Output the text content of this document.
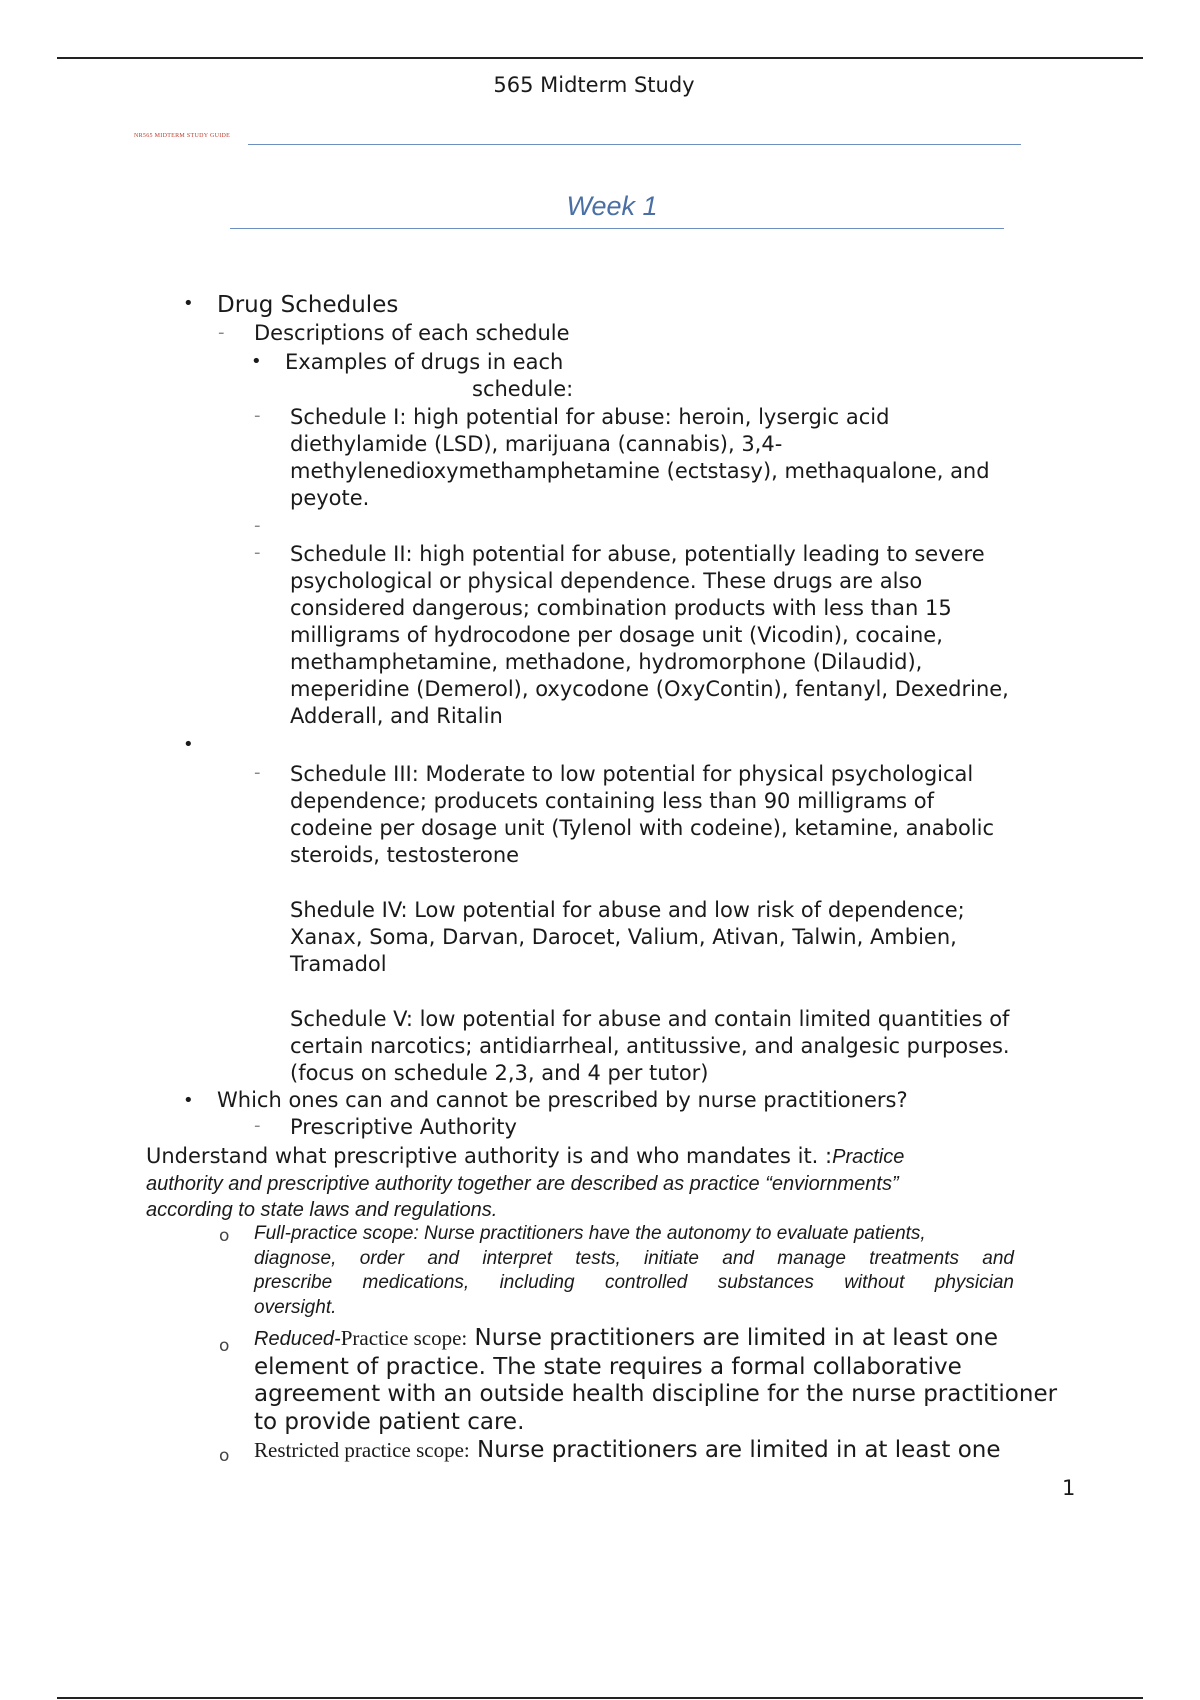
565 Midterm Study
NR565 MIDTERM STUDY GUIDE
Week 1
• Drug Schedules
- Descriptions of each schedule
• Examples of drugs in each
schedule:
- Schedule I: high potential for abuse: heroin, lysergic acid
diethylamide (LSD), marijuana (cannabis), 3,4-
methylenedioxymethamphetamine (ectstasy), methaqualone, and
peyote.
-
- Schedule II: high potential for abuse, potentially leading to severe
psychological or physical dependence. These drugs are also
considered dangerous; combination products with less than 15
milligrams of hydrocodone per dosage unit (Vicodin), cocaine,
methamphetamine, methadone, hydromorphone (Dilaudid),
meperidine (Demerol), oxycodone (OxyContin), fentanyl, Dexedrine,
Adderall, and Ritalin
•
- Schedule III: Moderate to low potential for physical psychological
dependence; producets containing less than 90 milligrams of
codeine per dosage unit (Tylenol with codeine), ketamine, anabolic
steroids, testosterone
Shedule IV: Low potential for abuse and low risk of dependence;
Xanax, Soma, Darvan, Darocet, Valium, Ativan, Talwin, Ambien,
Tramadol
Schedule V: low potential for abuse and contain limited quantities of
certain narcotics; antidiarrheal, antitussive, and analgesic purposes.
(focus on schedule 2,3, and 4 per tutor)
• Which ones can and cannot be prescribed by nurse practitioners?
- Prescriptive Authority
Understand what prescriptive authority is and who mandates it. :Practice
authority and prescriptive authority together are described as practice “enviornments”
according to state laws and regulations.
o Full-practice scope: Nurse practitioners have the autonomy to evaluate patients,
diagnose, order and interpret tests, initiate and manage treatments and
prescribe medications, including controlled substances without physician
oversight.
o Reduced-Practice scope: Nurse practitioners are limited in at least one
element of practice. The state requires a formal collaborative
agreement with an outside health discipline for the nurse practitioner
to provide patient care.
o Restricted practice scope: Nurse practitioners are limited in at least one
1
